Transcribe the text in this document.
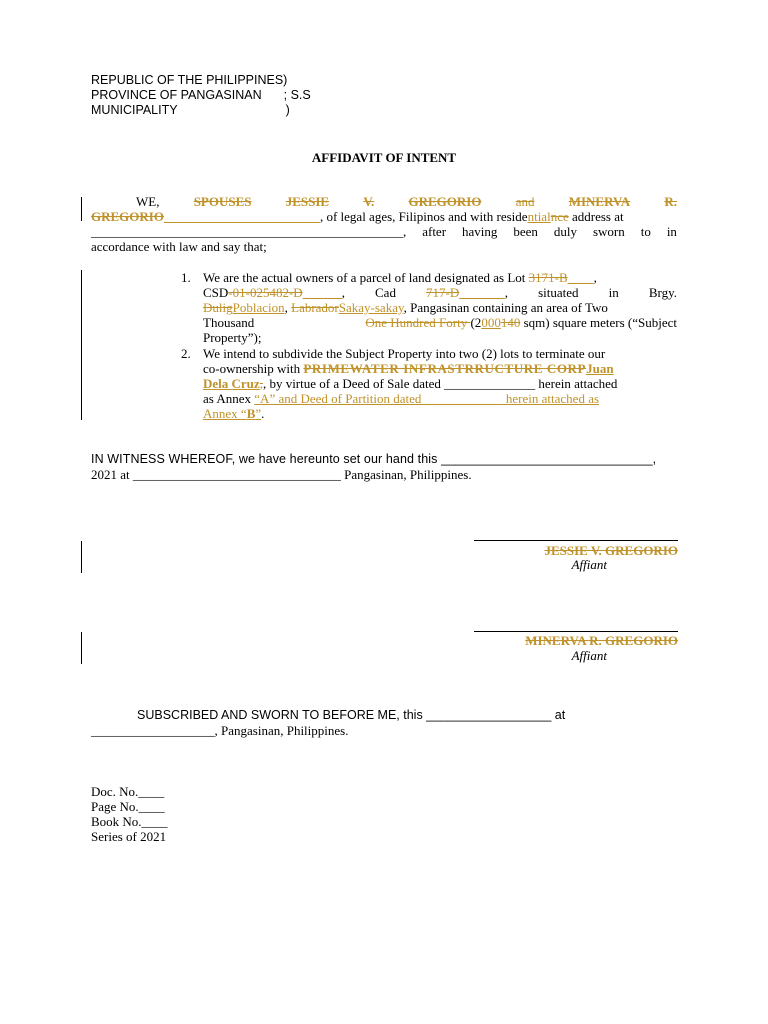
REPUBLIC OF THE PHILIPPINES)
PROVINCE OF PANGASINAN ; S.S
MUNICIPALITY	)
AFFIDAVIT OF INTENT
WE,	SPOUSES	JESSIE	V.	GREGORIO	and	MINERVA	R.
GREGORIO________________________, of legal ages, Filipinos and with residentialnce address at
________________________________________________, after having been duly sworn to in
accordance with law and say that;
1. We are the actual owners of a parcel of land designated as Lot 3171-B____,
CSD-01-025482-D______, Cad 717-D_______, situated in Brgy.
DuligPoblacion, LabradorSakay-sakay, Pangasinan containing an area of Two
Thousand	One Hundred Forty (2000140 sqm) square meters (“Subject
Property”);
2. We intend to subdivide the Subject Property into two (2) lots to terminate our
co-ownership with PRIMEWATER INFRASTRRUCTURE CORPJuan
Dela Cruz,, by virtue of a Deed of Sale dated ______________ herein attached
as Annex “A” and Deed of Partition dated ____________ herein attached as
Annex “B”.
IN WITNESS WHEREOF, we have hereunto set our hand this ______________________________,
2021 at ________________________________ Pangasinan, Philippines.
JESSIE V. GREGORIO
Affiant
MINERVA R. GREGORIO
Affiant
SUBSCRIBED AND SWORN TO BEFORE ME, this __________________ at
___________________, Pangasinan, Philippines.
Doc. No.____
Page No.____
Book No.____
Series of 2021
